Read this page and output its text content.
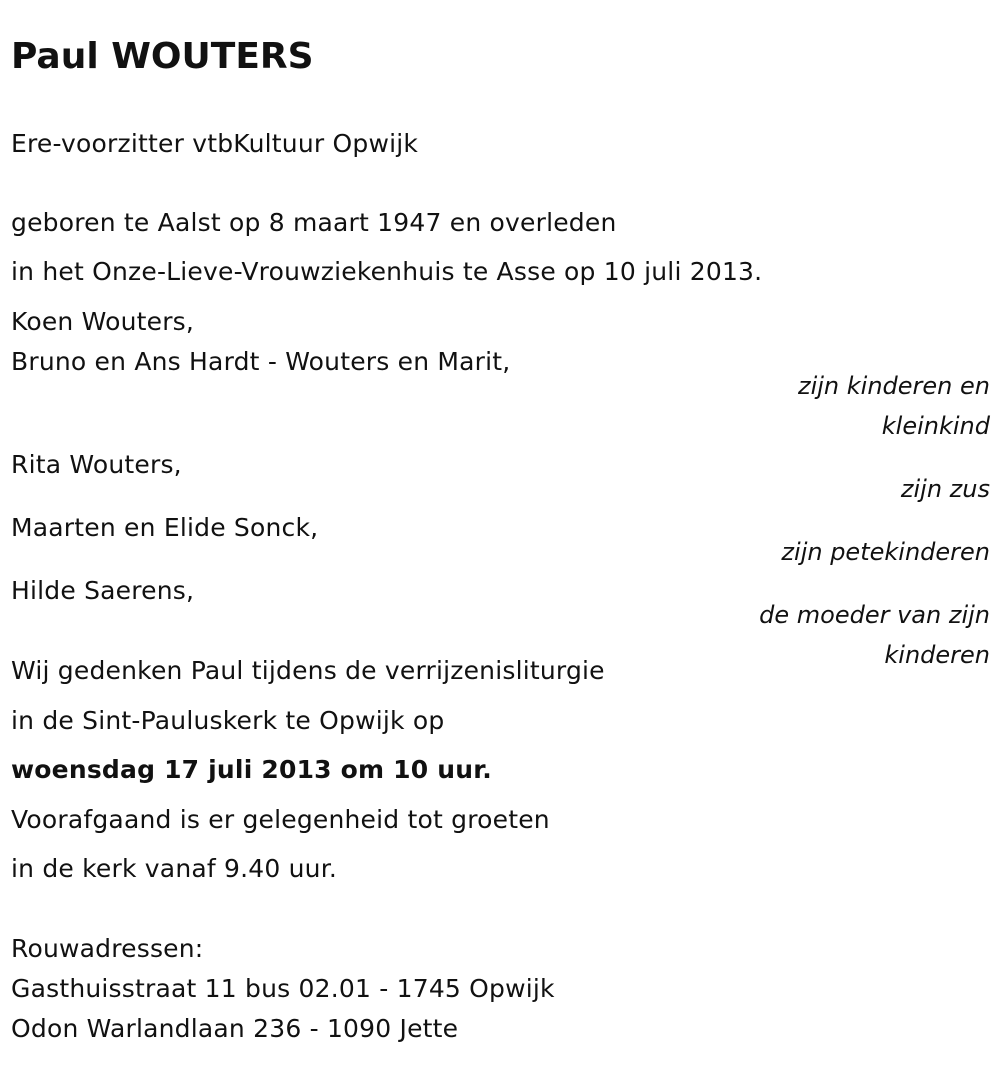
Paul WOUTERS
Ere-voorzitter vtbKultuur Opwijk
geboren te Aalst op 8 maart 1947 en overleden
in het Onze-Lieve-Vrouwziekenhuis te Asse op 10 juli 2013.
Koen Wouters,
Bruno en Ans Hardt - Wouters en Marit,
zijn kinderen en
kleinkind
Rita Wouters,
zijn zus
Maarten en Elide Sonck,
zijn petekinderen
Hilde Saerens,
de moeder van zijn
kinderen
Wij gedenken Paul tijdens de verrijzenisliturgie
in de Sint-Pauluskerk te Opwijk op
woensdag 17 juli 2013 om 10 uur.
Voorafgaand is er gelegenheid tot groeten
in de kerk vanaf 9.40 uur.
Rouwadressen:
Gasthuisstraat 11 bus 02.01 - 1745 Opwijk
Odon Warlandlaan 236 - 1090 Jette
